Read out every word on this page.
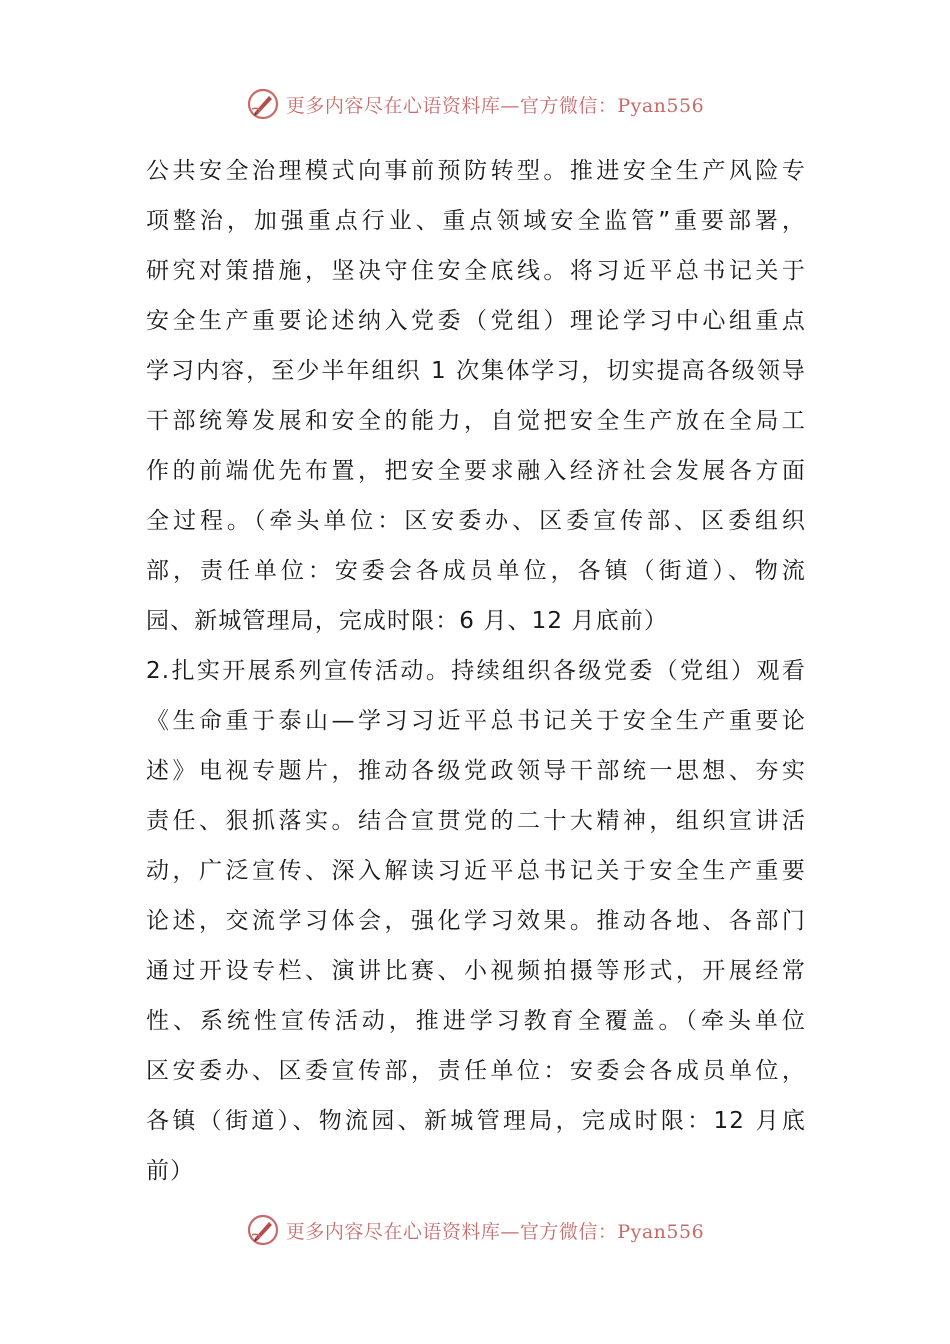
更多内容尽在心语资料库—官方微信：Pyan556
公共安全治理模式向事前预防转型。推进安全生产风险专
项整治，加强重点行业、重点领域安全监管”重要部署，
研究对策措施，坚决守住安全底线。将习近平总书记关于
安全生产重要论述纳入党委（党组）理论学习中心组重点
学习内容，至少半年组织 1 次集体学习，切实提高各级领导
干部统筹发展和安全的能力，自觉把安全生产放在全局工
作的前端优先布置，把安全要求融入经济社会发展各方面
全过程。（牵头单位：区安委办、区委宣传部、区委组织
部，责任单位：安委会各成员单位，各镇（街道）、物流
园、新城管理局，完成时限：6 月、12 月底前）
2.扎实开展系列宣传活动。持续组织各级党委（党组）观看
《生命重于泰山—学习习近平总书记关于安全生产重要论
述》电视专题片，推动各级党政领导干部统一思想、夯实
责任、狠抓落实。结合宣贯党的二十大精神，组织宣讲活
动，广泛宣传、深入解读习近平总书记关于安全生产重要
论述，交流学习体会，强化学习效果。推动各地、各部门
通过开设专栏、演讲比赛、小视频拍摄等形式，开展经常
性、系统性宣传活动，推进学习教育全覆盖。（牵头单位
区安委办、区委宣传部，责任单位：安委会各成员单位，
各镇（街道）、物流园、新城管理局，完成时限：12 月底
前）
更多内容尽在心语资料库—官方微信：Pyan556
